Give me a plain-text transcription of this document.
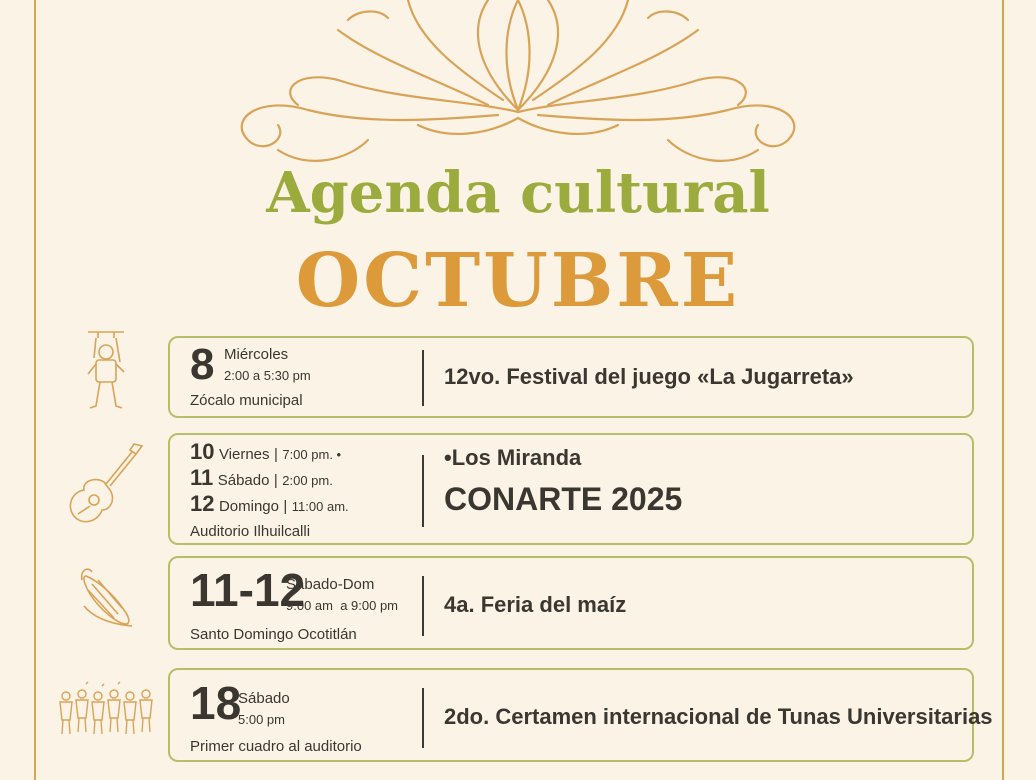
Agenda cultural
OCTUBRE
8 Miércoles
2:00 a 5:30 pm
Zócalo municipal
12vo. Festival del juego «La Jugarreta»
10 Viernes | 7:00 pm. •
11 Sábado | 2:00 pm.
12 Domingo | 11:00 am.
Auditorio Ilhuilcalli
•Los Miranda
CONARTE 2025
11-12
Sábado-Dom
9:00 am  a 9:00 pm
Santo Domingo Ocotitlán
4a. Feria del maíz
18
Sábado
5:00 pm
Primer cuadro al auditorio
2do. Certamen internacional de Tunas Universitarias
